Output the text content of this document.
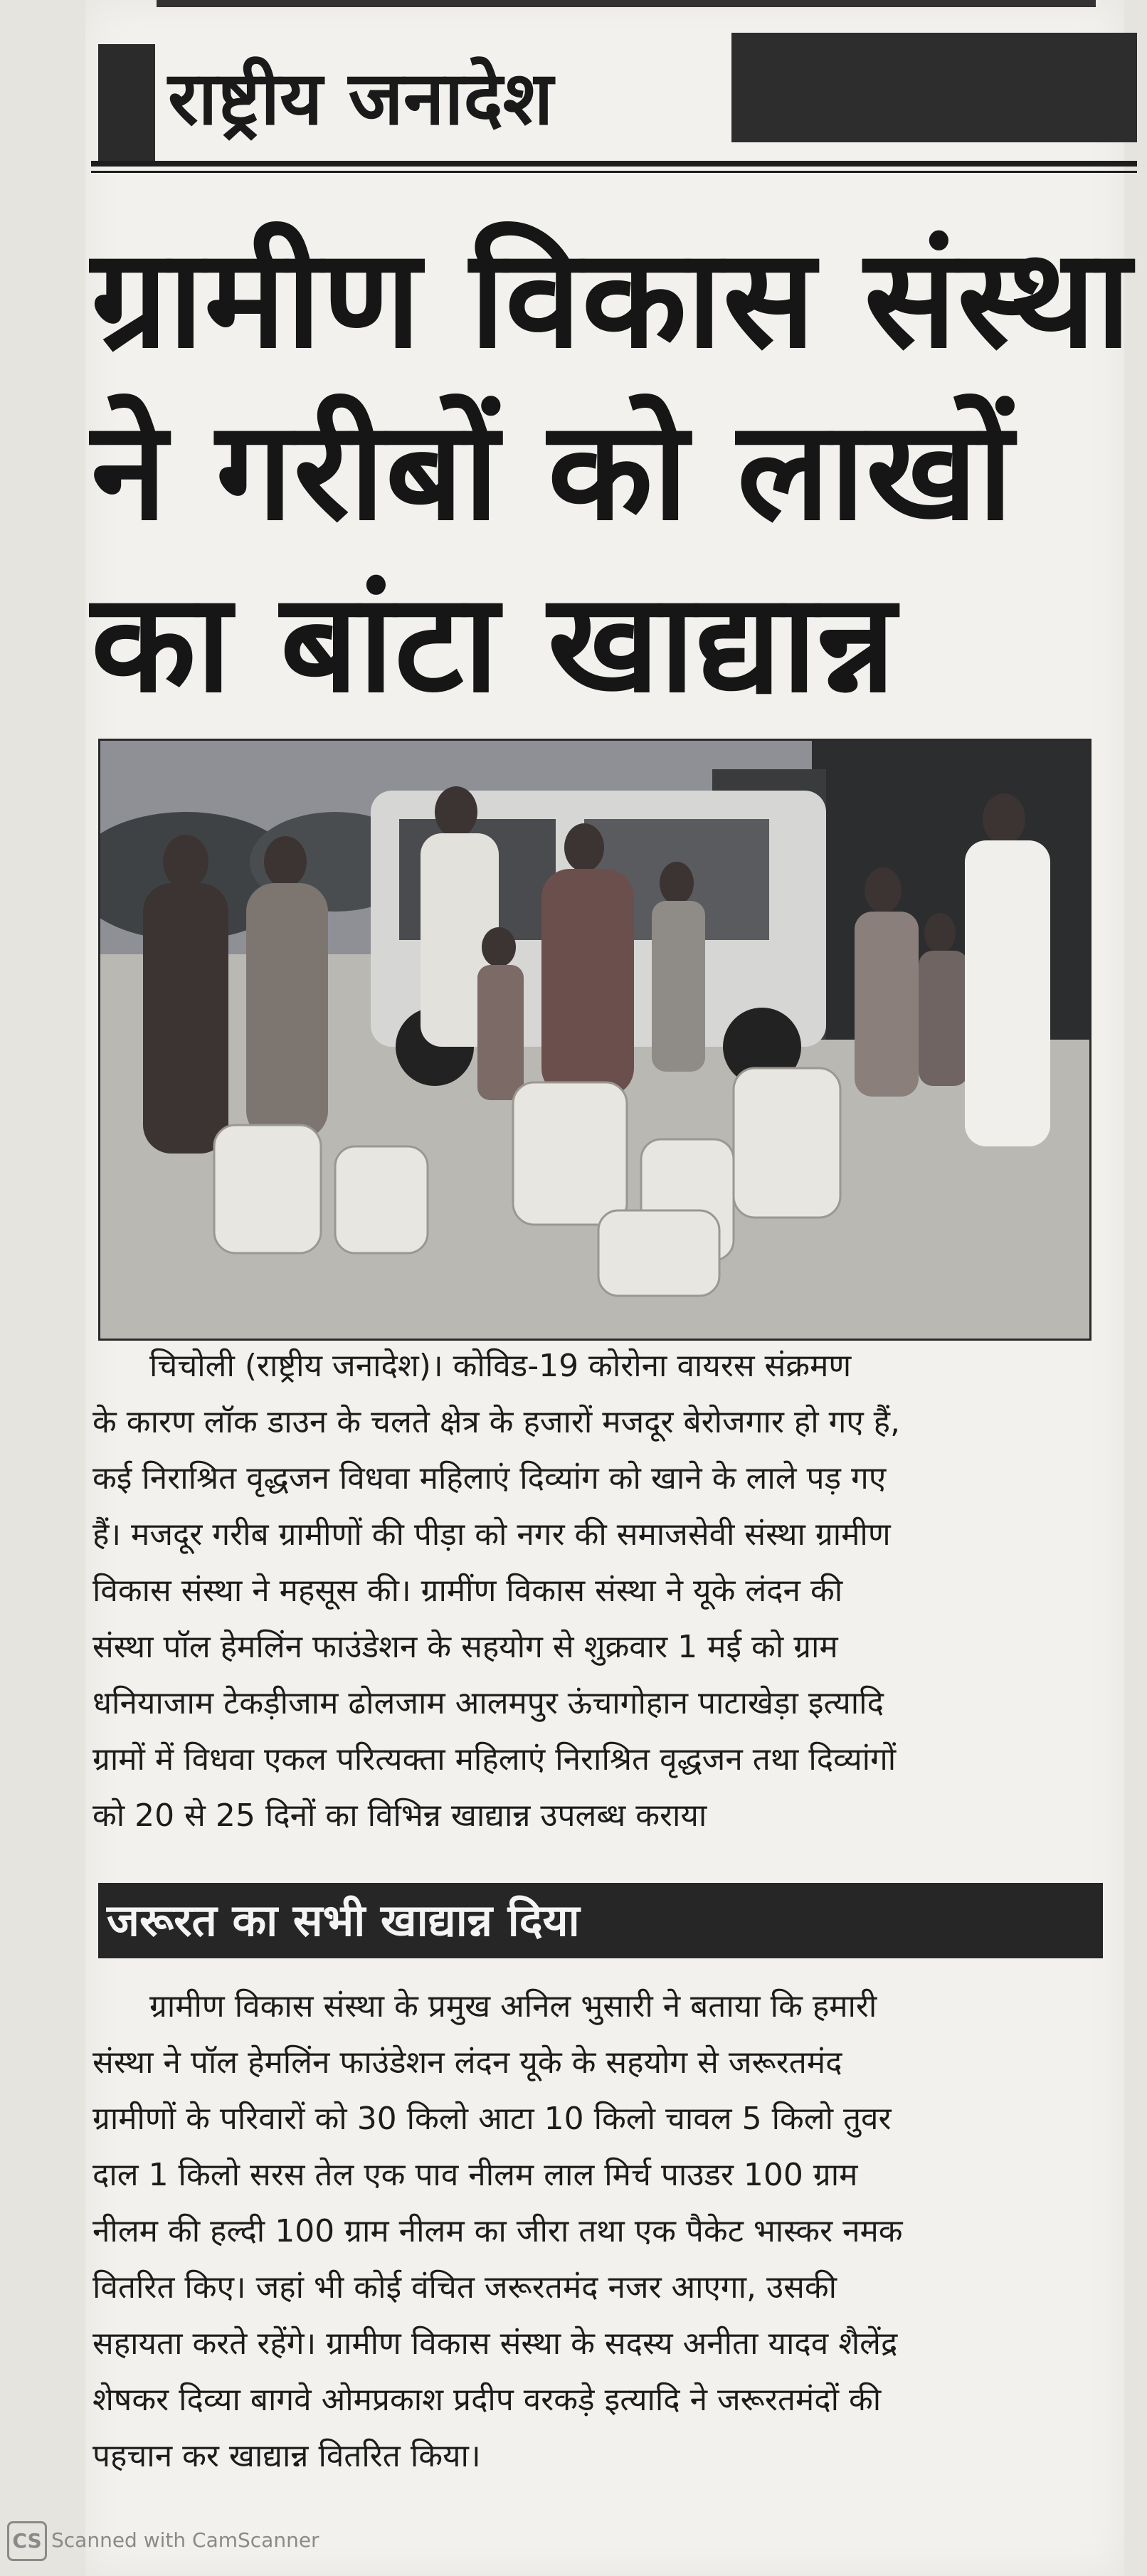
राष्ट्रीय जनादेश
ग्रामीण विकास संस्था
ने गरीबों को लाखों
का बांटा खाद्यान्न
चिचोली (राष्ट्रीय जनादेश)। कोविड-19 कोरोना वायरस संक्रमण
के कारण लॉक डाउन के चलते क्षेत्र के हजारों मजदूर बेरोजगार हो गए हैं,
कई निराश्रित वृद्धजन विधवा महिलाएं दिव्यांग को खाने के लाले पड़ गए
हैं। मजदूर गरीब ग्रामीणों की पीड़ा को नगर की समाजसेवी संस्था ग्रामीण
विकास संस्था ने महसूस की। ग्रामींण विकास संस्था ने यूके लंदन की
संस्था पॉल हेमलिंन फाउंडेशन के सहयोग से शुक्रवार 1 मई को ग्राम
धनियाजाम टेकड़ीजाम ढोलजाम आलमपुर ऊंचागोहान पाटाखेड़ा इत्यादि
ग्रामों में विधवा एकल परित्यक्ता महिलाएं निराश्रित वृद्धजन तथा दिव्यांगों
को 20 से 25 दिनों का विभिन्न खाद्यान्न उपलब्ध कराया
जरूरत का सभी खाद्यान्न दिया
ग्रामीण विकास संस्था के प्रमुख अनिल भुसारी ने बताया कि हमारी
संस्था ने पॉल हेमलिंन फाउंडेशन लंदन यूके के सहयोग से जरूरतमंद
ग्रामीणों के परिवारों को 30 किलो आटा 10 किलो चावल 5 किलो तुवर
दाल 1 किलो सरस तेल एक पाव नीलम लाल मिर्च पाउडर 100 ग्राम
नीलम की हल्दी 100 ग्राम नीलम का जीरा तथा एक पैकेट भास्कर नमक
वितरित किए। जहां भी कोई वंचित जरूरतमंद नजर आएगा, उसकी
सहायता करते रहेंगे। ग्रामीण विकास संस्था के सदस्य अनीता यादव शैलेंद्र
शेषकर दिव्या बागवे ओमप्रकाश प्रदीप वरकड़े इत्यादि ने जरूरतमंदों की
पहचान कर खाद्यान्न वितरित किया।
CS Scanned with CamScanner
